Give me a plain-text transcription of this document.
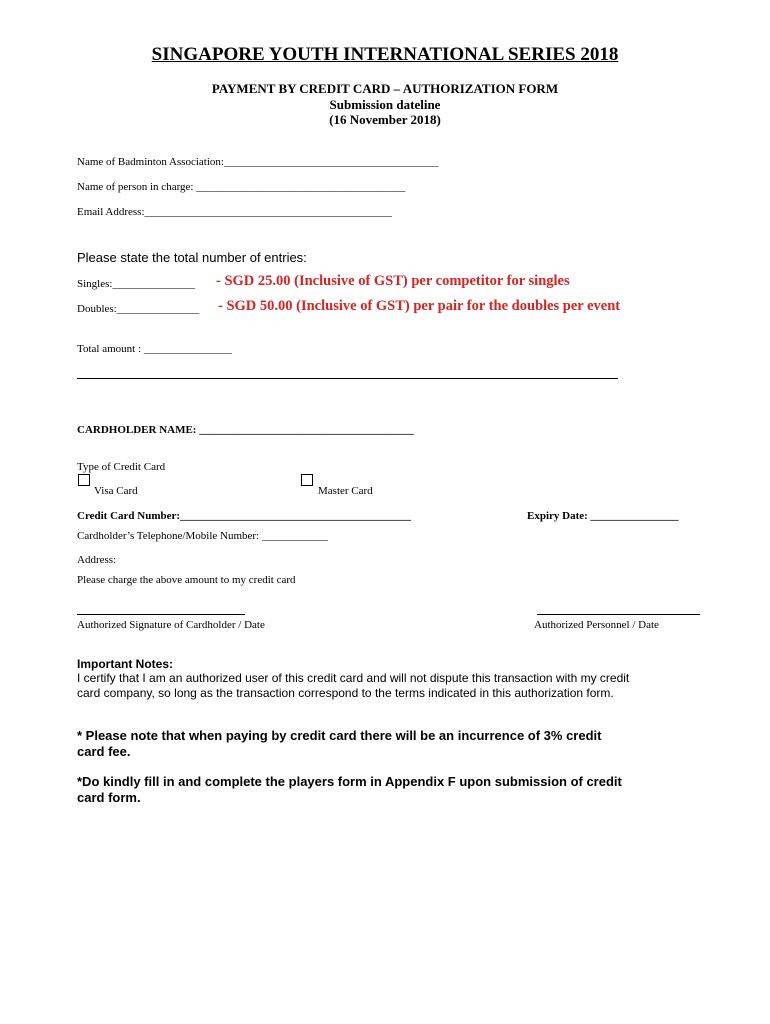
SINGAPORE YOUTH INTERNATIONAL SERIES 2018
PAYMENT BY CREDIT CARD – AUTHORIZATION FORM
Submission dateline
(16 November 2018)
Name of Badminton Association:_______________________________________
Name of person in charge: ______________________________________
Email Address:_____________________________________________
Please state the total number of entries:
Singles:_______________ - SGD 25.00 (Inclusive of GST) per competitor for singles
Doubles:_______________ - SGD 50.00 (Inclusive of GST) per pair for the doubles per event
Total amount : ________________
CARDHOLDER NAME: _______________________________________
Type of Credit Card
Visa Card	Master Card
Credit Card Number:__________________________________________	Expiry Date: ________________
Cardholder’s Telephone/Mobile Number: ____________
Address:
Please charge the above amount to my credit card
Authorized Signature of Cardholder / Date	Authorized Personnel / Date
Important Notes:
I certify that I am an authorized user of this credit card and will not dispute this transaction with my credit
card company, so long as the transaction correspond to the terms indicated in this authorization form.
* Please note that when paying by credit card there will be an incurrence of 3% credit
card fee.
*Do kindly fill in and complete the players form in Appendix F upon submission of credit
card form.
